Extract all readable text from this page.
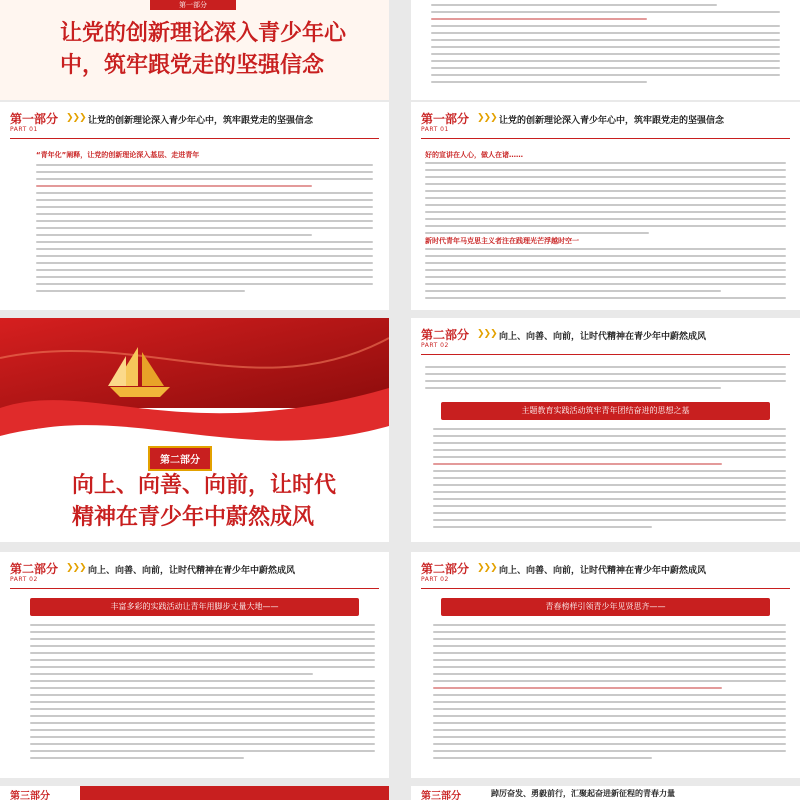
第一部分
让党的创新理论深入青少年心
中，筑牢跟党走的坚强信念
第一部分
PART 01
❯❯❯ 让党的创新理论深入青少年心中，筑牢跟党走的坚强信念
“青年化”阐释，让党的创新理论深入基层、走进青年
第一部分
PART 01
❯❯❯ 让党的创新理论深入青少年心中，筑牢跟党走的坚强信念
好的宣讲在人心，做人在诸……
新时代青年马克思主义者注在践理光芒浮越时空一
第二部分
向上、向善、向前，让时代
精神在青少年中蔚然成风
第二部分
PART 02
❯❯❯ 向上、向善、向前，让时代精神在青少年中蔚然成风
主题教育实践活动筑牢青年团结奋进的思想之基
第二部分
PART 02
❯❯❯ 向上、向善、向前，让时代精神在青少年中蔚然成风
丰富多彩的实践活动让青年用脚步丈量大地——
第二部分
PART 02
❯❯❯ 向上、向善、向前，让时代精神在青少年中蔚然成风
青春榜样引领青少年见贤思齐——
第三部分	第三部分	踔厉奋发、勇毅前行，汇聚起奋进新征程的青春力量
